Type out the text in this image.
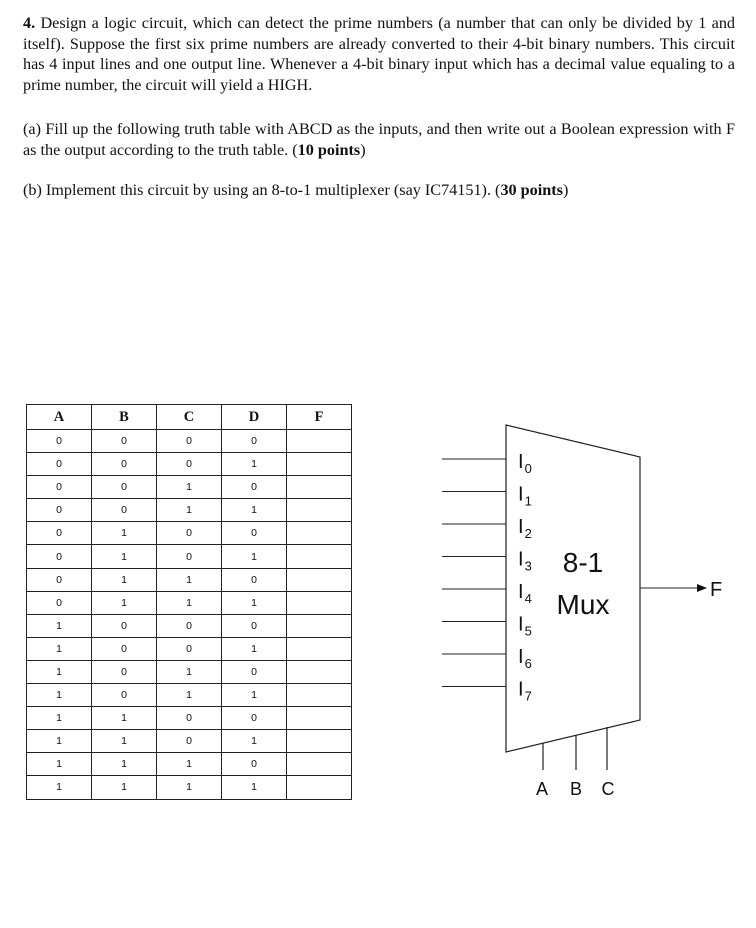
4. Design a logic circuit, which can detect the prime numbers (a number that can only be divided by 1 and itself). Suppose the first six prime numbers are already converted to their 4-bit binary numbers. This circuit has 4 input lines and one output line. Whenever a 4-bit binary input which has a decimal value equaling to a prime number, the circuit will yield a HIGH.
(a) Fill up the following truth table with ABCD as the inputs, and then write out a Boolean expression with F as the output according to the truth table. (10 points)
(b) Implement this circuit by using an 8-to-1 multiplexer (say IC74151). (30 points)
A	B	C	D	F
0	0	0	0	
0	0	0	1	
0	0	1	0	
0	0	1	1	
0	1	0	0	
0	1	0	1	
0	1	1	0	
0	1	1	1	
1	0	0	0	
1	0	0	1	
1	0	1	0	
1	0	1	1	
1	1	0	0	
1	1	0	1	
1	1	1	0	
1	1	1	1	
$I_0$
$I_1$
$I_2$
$I_3$
$I_4$
$I_5$
$I_6$
$I_7$
8-1
Mux	F
A B C
